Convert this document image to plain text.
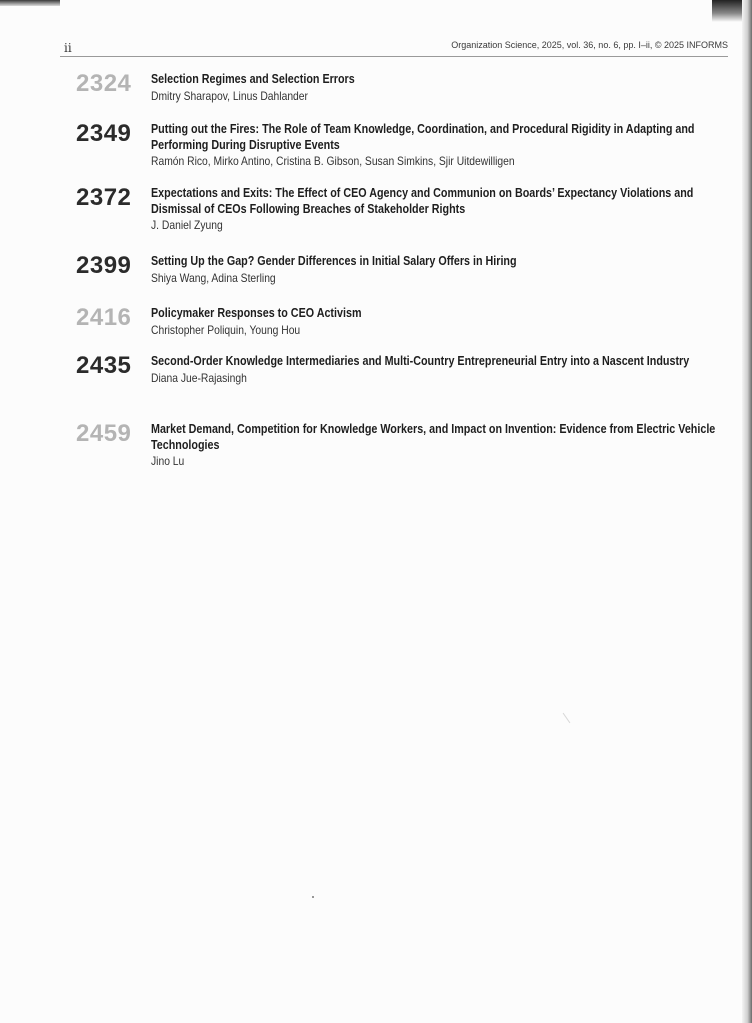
ii	Organization Science, 2025, vol. 36, no. 6, pp. I–ii, © 2025 INFORMS
2324	Selection Regimes and Selection Errors
Dmitry Sharapov, Linus Dahlander
2349	Putting out the Fires: The Role of Team Knowledge, Coordination, and Procedural Rigidity in Adapting and Performing During Disruptive Events
Ramón Rico, Mirko Antino, Cristina B. Gibson, Susan Simkins, Sjir Uitdewilligen
2372	Expectations and Exits: The Effect of CEO Agency and Communion on Boards’ Expectancy Violations and Dismissal of CEOs Following Breaches of Stakeholder Rights
J. Daniel Zyung
2399	Setting Up the Gap? Gender Differences in Initial Salary Offers in Hiring
Shiya Wang, Adina Sterling
2416	Policymaker Responses to CEO Activism
Christopher Poliquin, Young Hou
2435	Second-Order Knowledge Intermediaries and Multi-Country Entrepreneurial Entry into a Nascent Industry
Diana Jue-Rajasingh
2459	Market Demand, Competition for Knowledge Workers, and Impact on Invention: Evidence from Electric Vehicle Technologies
Jino Lu
